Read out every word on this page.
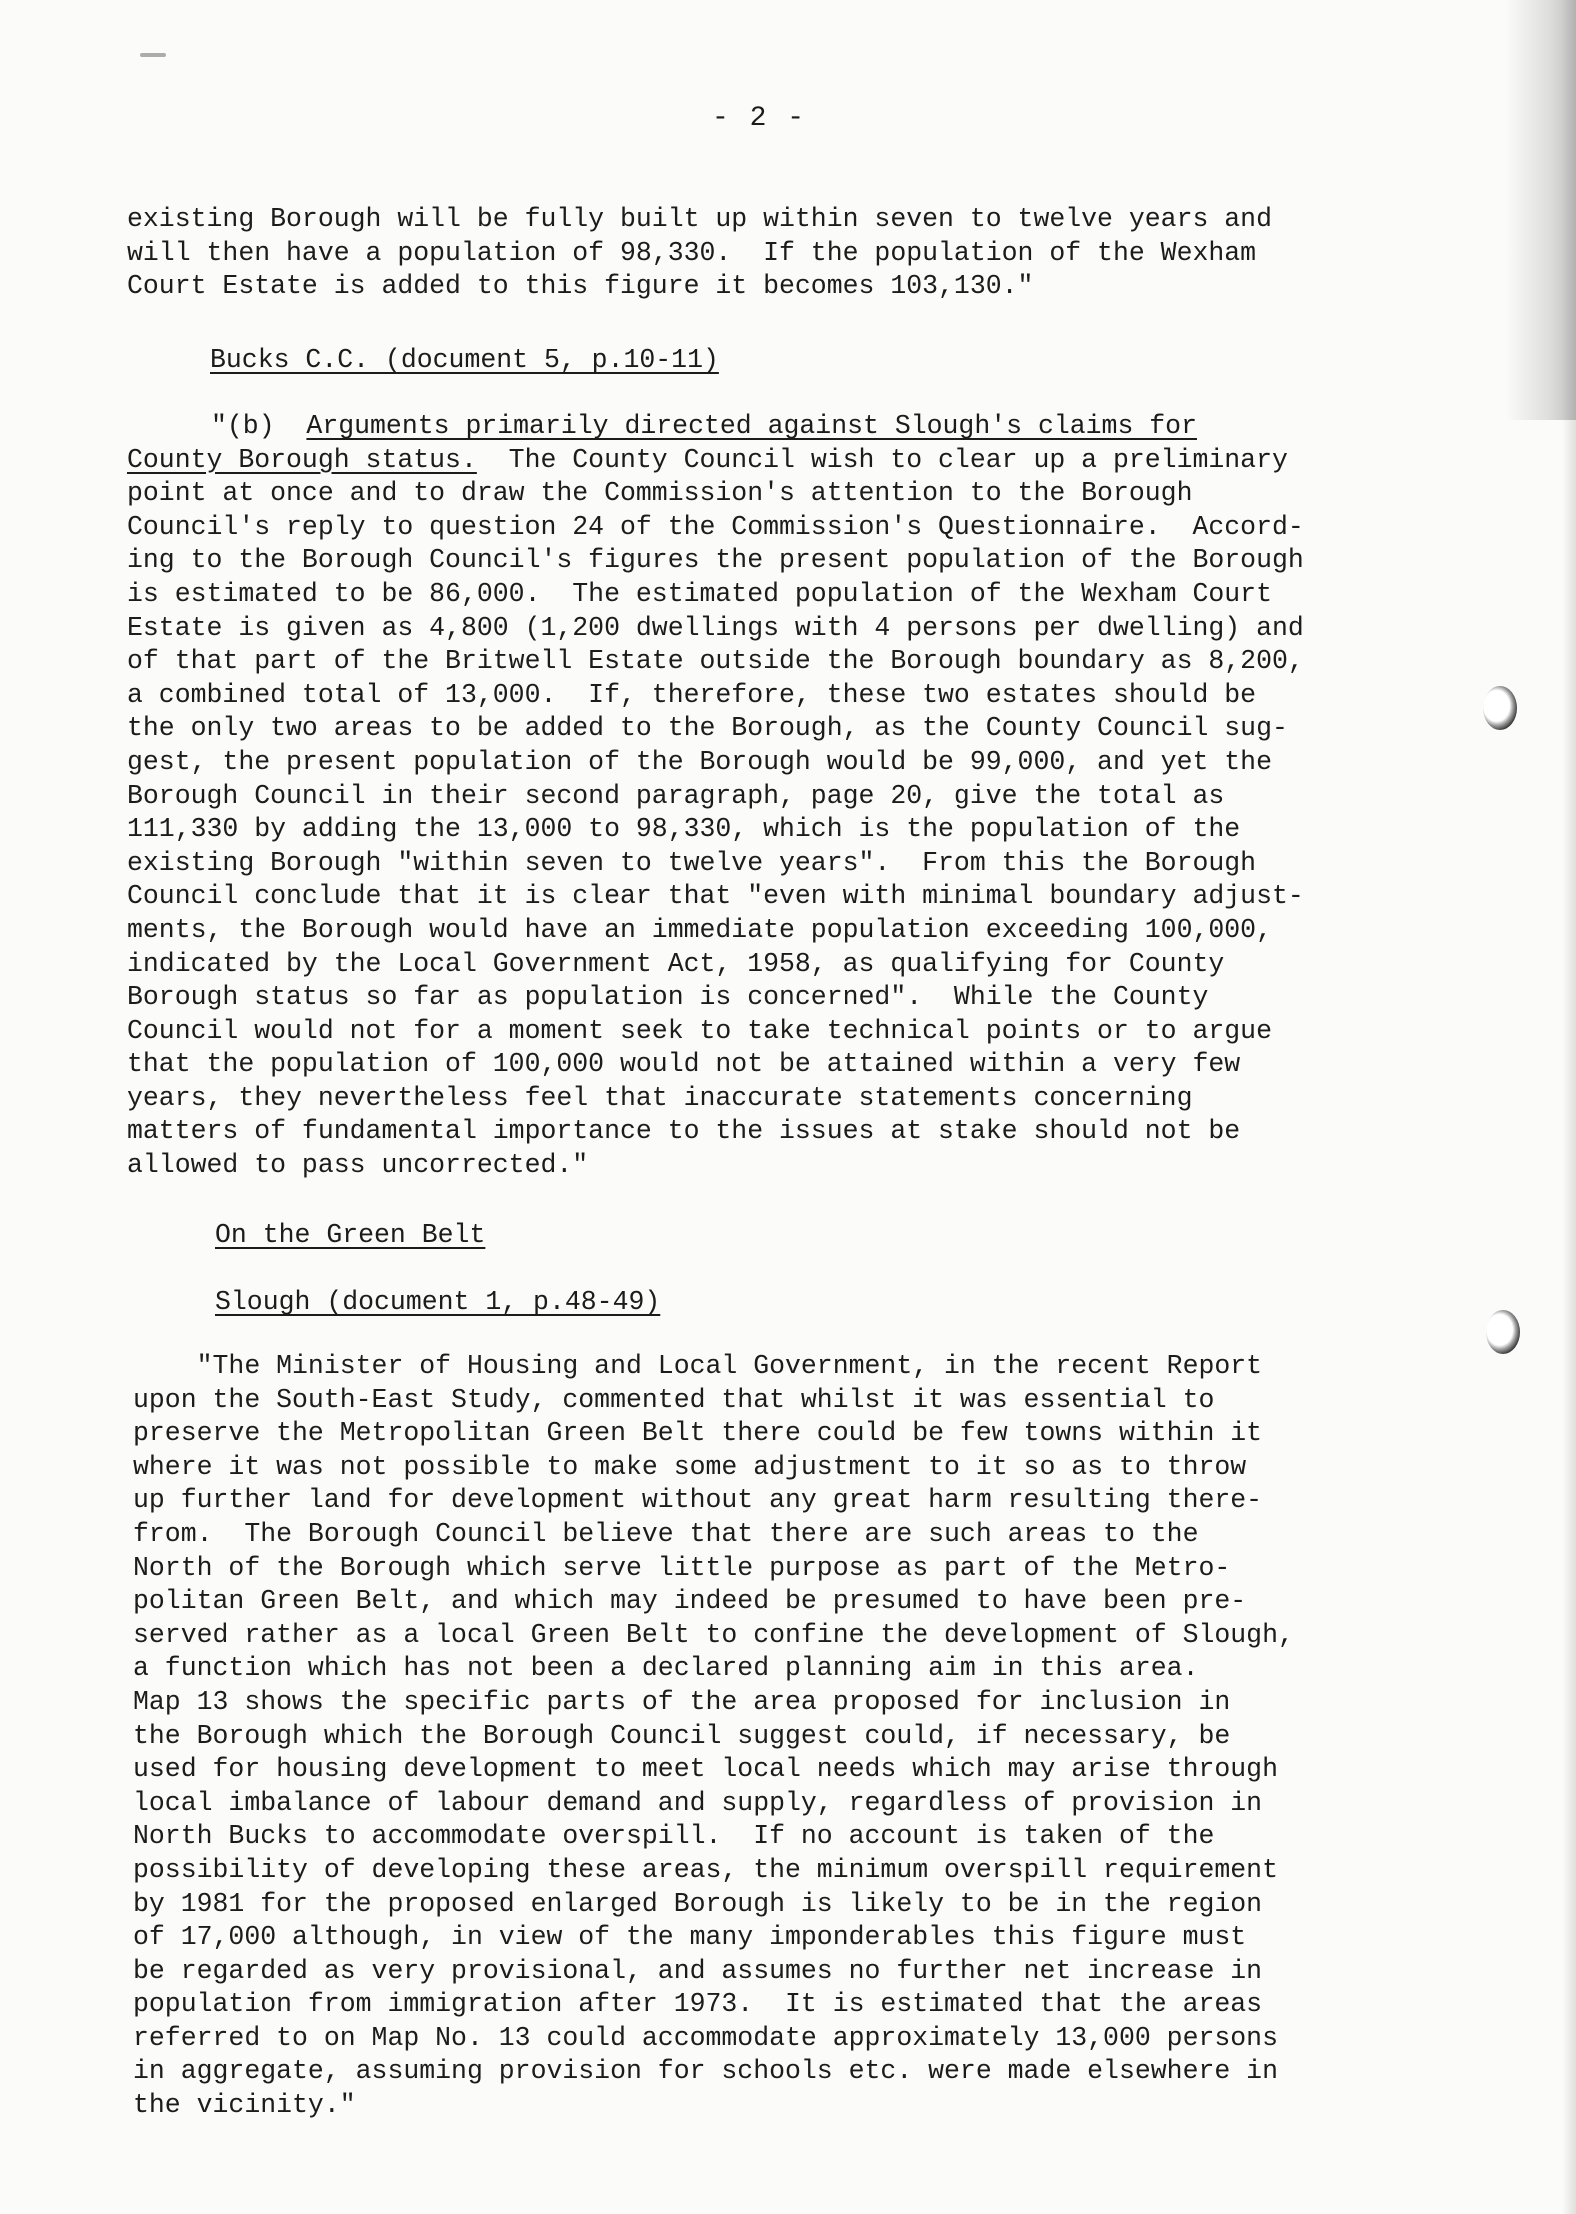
- 2 -
existing Borough will be fully built up within seven to twelve years and
will then have a population of 98,330.  If the population of the Wexham
Court Estate is added to this figure it becomes 103,130."
Bucks C.C. (document 5, p.10-11)
"(b)  Arguments primarily directed against Slough's claims for
County Borough status.  The County Council wish to clear up a preliminary
point at once and to draw the Commission's attention to the Borough
Council's reply to question 24 of the Commission's Questionnaire.  Accord-
ing to the Borough Council's figures the present population of the Borough
is estimated to be 86,000.  The estimated population of the Wexham Court
Estate is given as 4,800 (1,200 dwellings with 4 persons per dwelling) and
of that part of the Britwell Estate outside the Borough boundary as 8,200,
a combined total of 13,000.  If, therefore, these two estates should be
the only two areas to be added to the Borough, as the County Council sug-
gest, the present population of the Borough would be 99,000, and yet the
Borough Council in their second paragraph, page 20, give the total as
111,330 by adding the 13,000 to 98,330, which is the population of the
existing Borough "within seven to twelve years".  From this the Borough
Council conclude that it is clear that "even with minimal boundary adjust-
ments, the Borough would have an immediate population exceeding 100,000,
indicated by the Local Government Act, 1958, as qualifying for County
Borough status so far as population is concerned".  While the County
Council would not for a moment seek to take technical points or to argue
that the population of 100,000 would not be attained within a very few
years, they nevertheless feel that inaccurate statements concerning
matters of fundamental importance to the issues at stake should not be
allowed to pass uncorrected."
On the Green Belt
Slough (document 1, p.48-49)
"The Minister of Housing and Local Government, in the recent Report
upon the South-East Study, commented that whilst it was essential to
preserve the Metropolitan Green Belt there could be few towns within it
where it was not possible to make some adjustment to it so as to throw
up further land for development without any great harm resulting there-
from.  The Borough Council believe that there are such areas to the
North of the Borough which serve little purpose as part of the Metro-
politan Green Belt, and which may indeed be presumed to have been pre-
served rather as a local Green Belt to confine the development of Slough,
a function which has not been a declared planning aim in this area.
Map 13 shows the specific parts of the area proposed for inclusion in
the Borough which the Borough Council suggest could, if necessary, be
used for housing development to meet local needs which may arise through
local imbalance of labour demand and supply, regardless of provision in
North Bucks to accommodate overspill.  If no account is taken of the
possibility of developing these areas, the minimum overspill requirement
by 1981 for the proposed enlarged Borough is likely to be in the region
of 17,000 although, in view of the many imponderables this figure must
be regarded as very provisional, and assumes no further net increase in
population from immigration after 1973.  It is estimated that the areas
referred to on Map No. 13 could accommodate approximately 13,000 persons
in aggregate, assuming provision for schools etc. were made elsewhere in
the vicinity."
